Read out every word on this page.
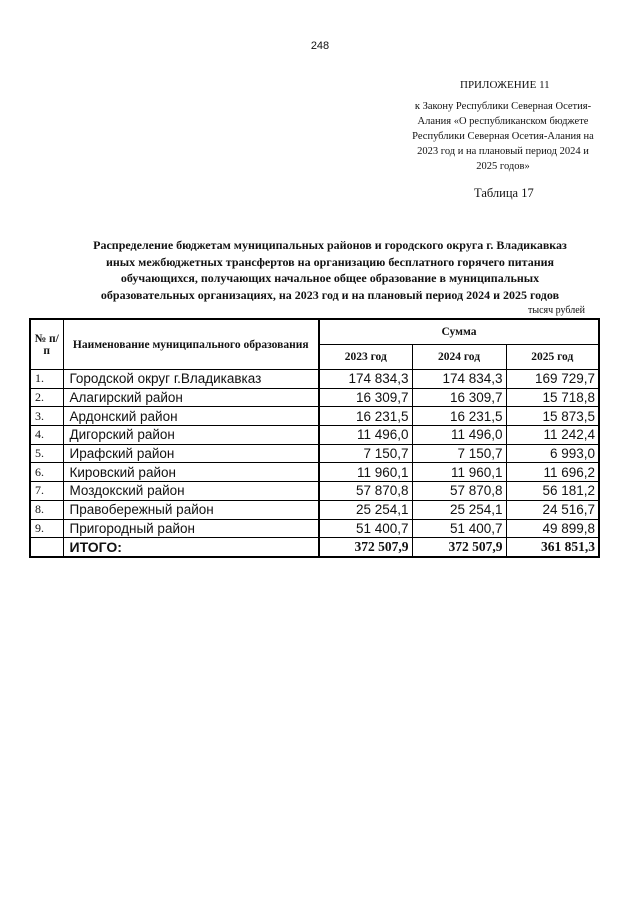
248
ПРИЛОЖЕНИЕ 11
к Закону Республики Северная Осетия-
Алания «О республиканском бюджете
Республики Северная Осетия-Алания на
2023 год и на плановый период 2024 и
2025 годов»
Таблица 17
Распределение бюджетам муниципальных районов и городского округа г. Владикавказ
иных межбюджетных трансфертов на организацию бесплатного горячего питания
обучающихся, получающих начальное общее образование в муниципальных
образовательных организациях, на 2023 год и на плановый период 2024 и 2025 годов
тысяч рублей
№ п/п	Наименование муниципального образования	Сумма		
		2023 год	2024 год	2025 год
1.	Городской округ г.Владикавказ	174 834,3	174 834,3	169 729,7
2.	Алагирский район	16 309,7	16 309,7	15 718,8
3.	Ардонский район	16 231,5	16 231,5	15 873,5
4.	Дигорский район	11 496,0	11 496,0	11 242,4
5.	Ирафский район	7 150,7	7 150,7	6 993,0
6.	Кировский район	11 960,1	11 960,1	11 696,2
7.	Моздокский район	57 870,8	57 870,8	56 181,2
8.	Правобережный район	25 254,1	25 254,1	24 516,7
9.	Пригородный район	51 400,7	51 400,7	49 899,8
	ИТОГО:	372 507,9	372 507,9	361 851,3
